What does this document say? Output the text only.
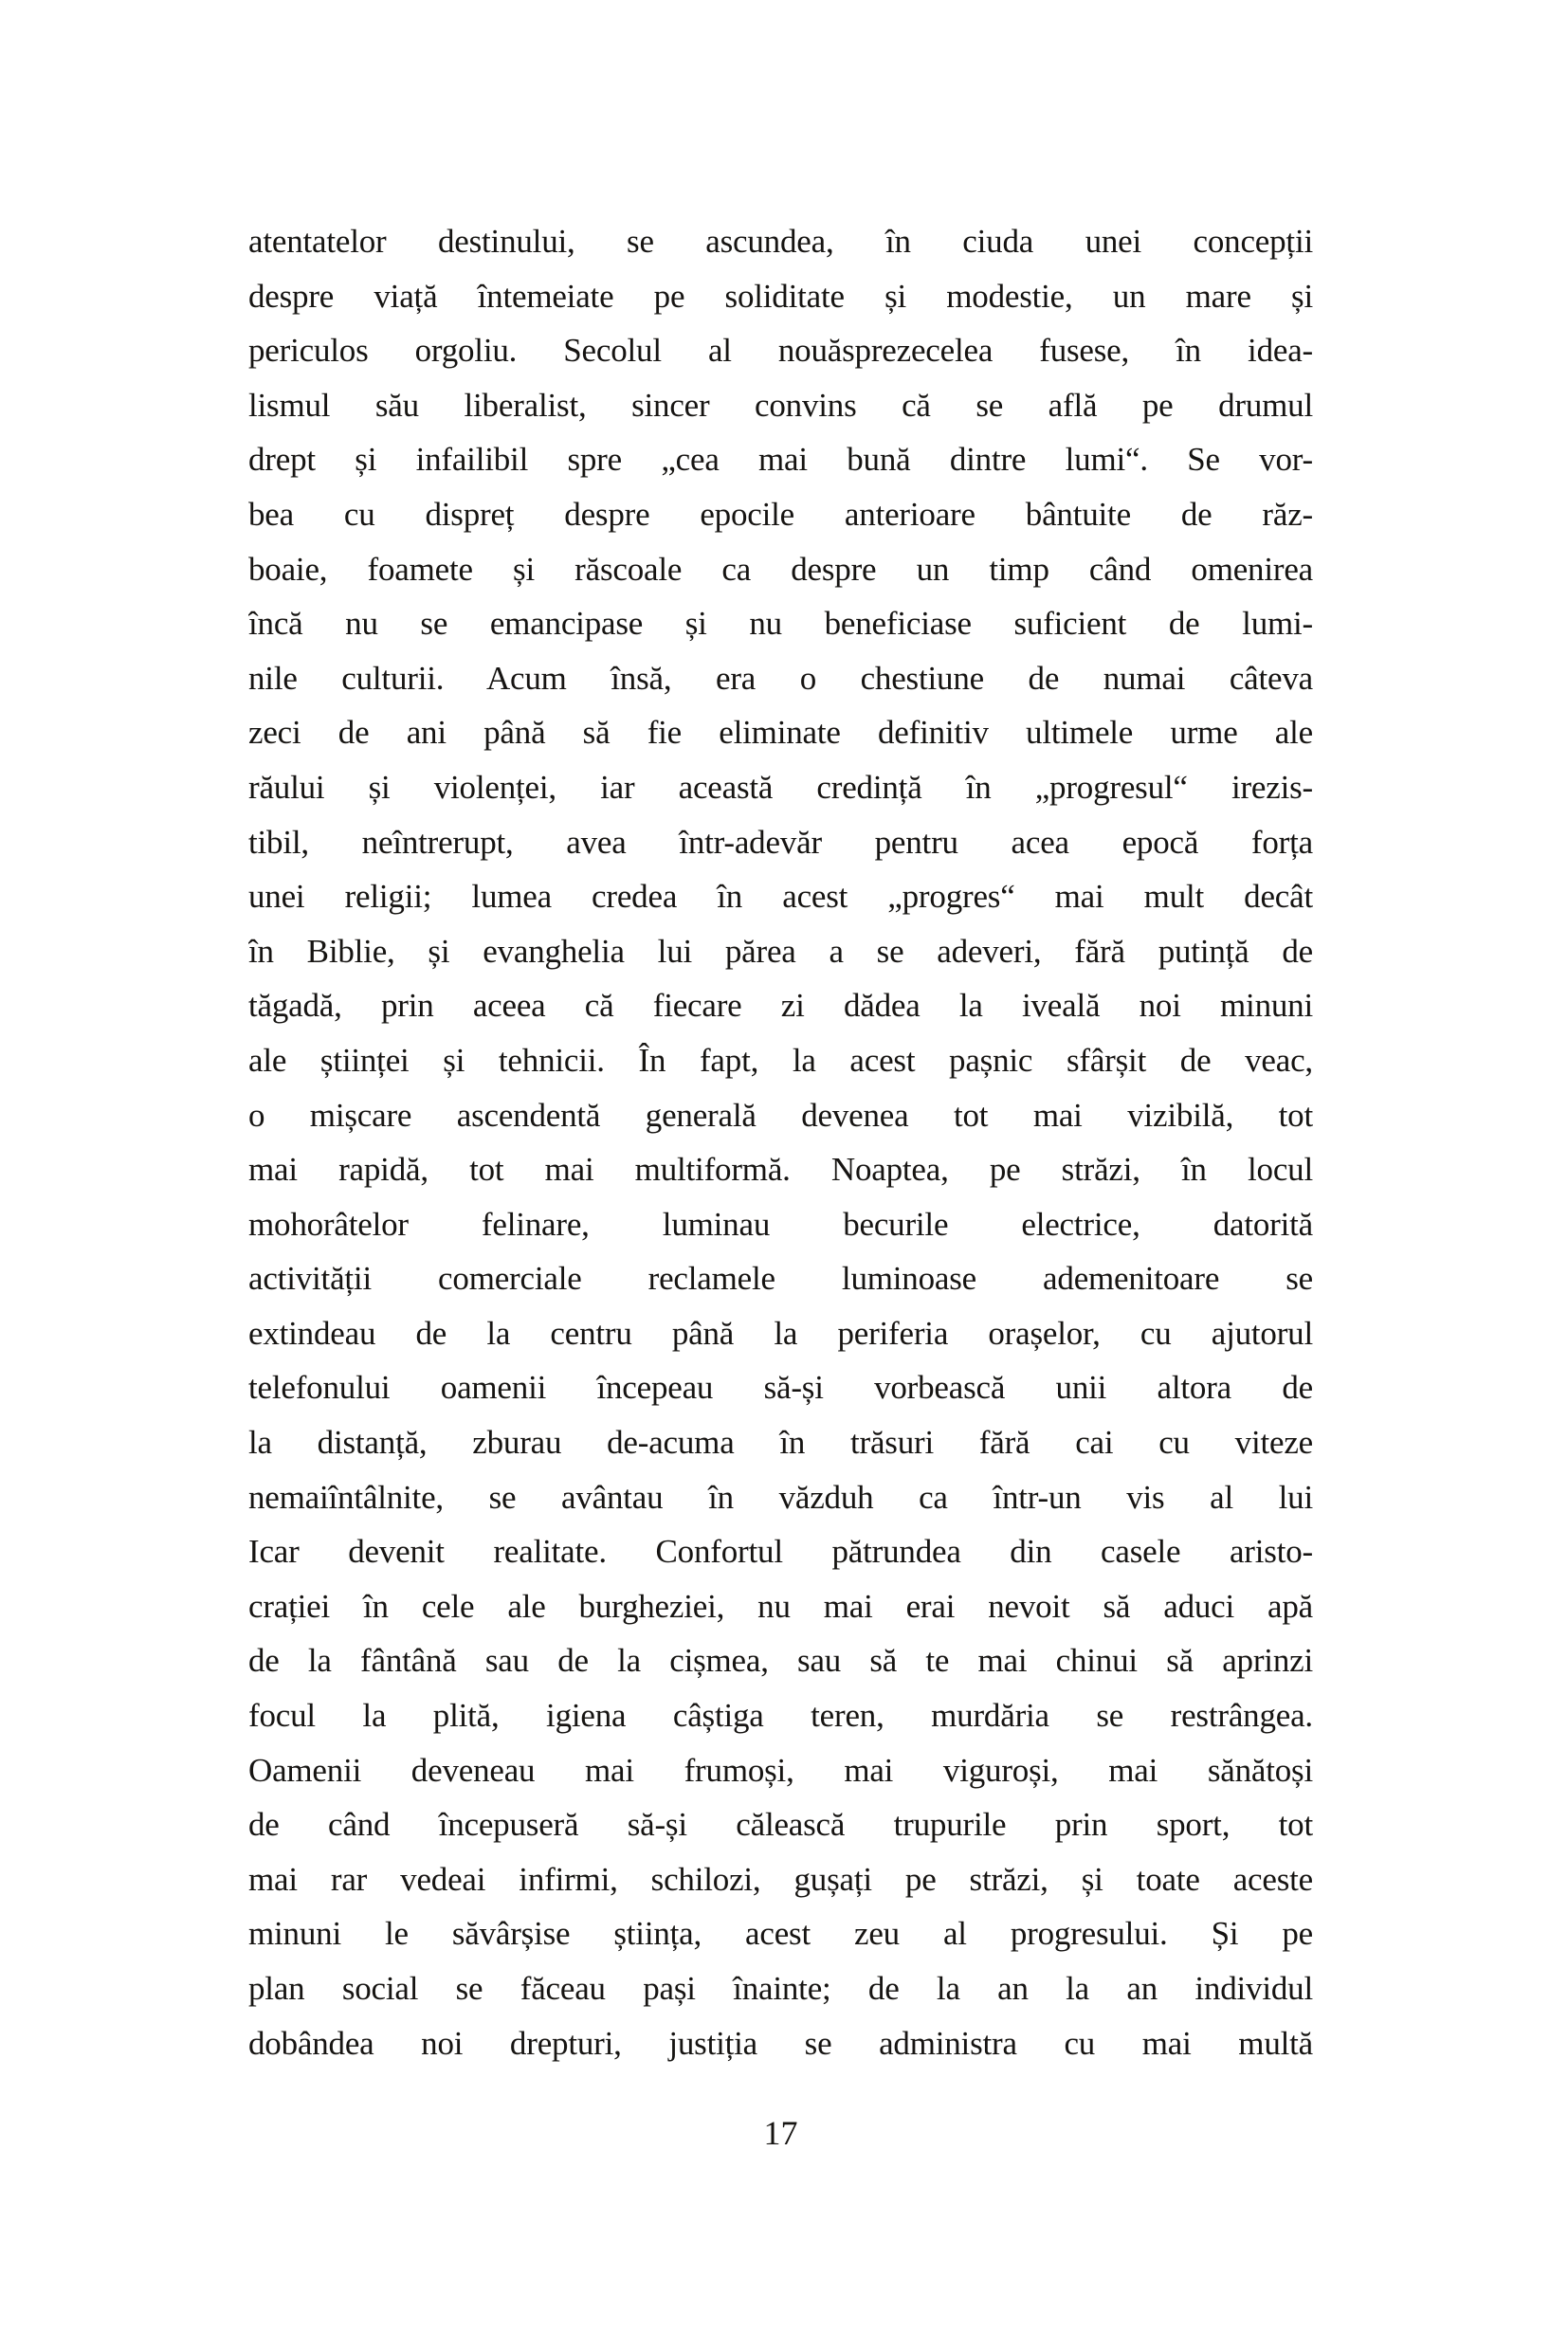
atentatelor destinului, se ascundea, în ciuda unei concepții
despre viață întemeiate pe soliditate și modestie, un mare și
periculos orgoliu. Secolul al nouăsprezecelea fusese, în idea-
lismul său liberalist, sincer convins că se află pe drumul
drept și infailibil spre „cea mai bună dintre lumi“. Se vor-
bea cu dispreț despre epocile anterioare bântuite de răz-
boaie, foamete și răscoale ca despre un timp când omenirea
încă nu se emancipase și nu beneficiase suficient de lumi-
nile culturii. Acum însă, era o chestiune de numai câteva
zeci de ani până să fie eliminate definitiv ultimele urme ale
răului și violenței, iar această credință în „progresul“ irezis-
tibil, neîntrerupt, avea într-adevăr pentru acea epocă forța
unei religii; lumea credea în acest „progres“ mai mult decât
în Biblie, și evanghelia lui părea a se adeveri, fără putință de
tăgadă, prin aceea că fiecare zi dădea la iveală noi minuni
ale științei și tehnicii. În fapt, la acest pașnic sfârșit de veac,
o mișcare ascendentă generală devenea tot mai vizibilă, tot
mai rapidă, tot mai multiformă. Noaptea, pe străzi, în locul
mohorâtelor felinare, luminau becurile electrice, datorită
activității comerciale reclamele luminoase ademenitoare se
extindeau de la centru până la periferia orașelor, cu ajutorul
telefonului oamenii începeau să-și vorbească unii altora de
la distanță, zburau de-acuma în trăsuri fără cai cu viteze
nemaiîntâlnite, se avântau în văzduh ca într-un vis al lui
Icar devenit realitate. Confortul pătrundea din casele aristo-
crației în cele ale burgheziei, nu mai erai nevoit să aduci apă
de la fântână sau de la cișmea, sau să te mai chinui să aprinzi
focul la plită, igiena câștiga teren, murdăria se restrângea.
Oamenii deveneau mai frumoși, mai viguroși, mai sănătoși
de când începuseră să-și călească trupurile prin sport, tot
mai rar vedeai infirmi, schilozi, gușați pe străzi, și toate aceste
minuni le săvârșise știința, acest zeu al progresului. Și pe
plan social se făceau pași înainte; de la an la an individul
dobândea noi drepturi, justiția se administra cu mai multă
17
